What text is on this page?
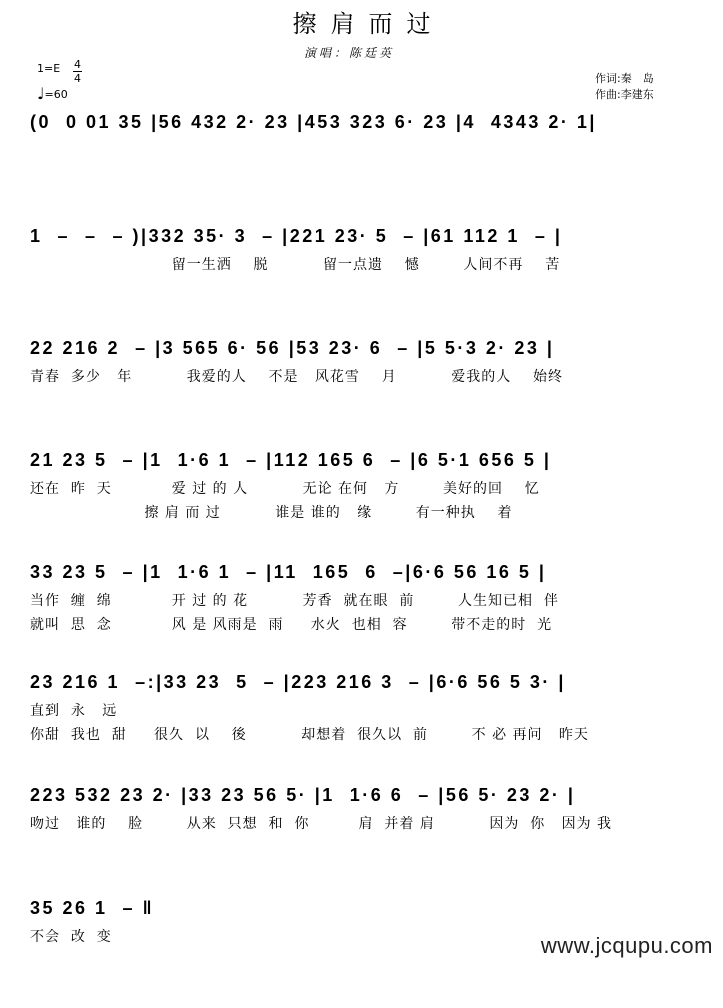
擦肩而过
演唱：陈廷英
1=E 4
4
♩=60
作词:秦　岛
作曲:李建东
(0  0 01 35 |56 432 2· 23 |453 323 6· 23 |4  4343 2· 1|
1  –  –  – )|332 35· 3  – |221 23· 5  – |61 112 1  – |
留一生洒    脱          留一点遗    憾        人间不再    苦
22 216 2  – |3 565 6· 56 |53 23· 6  – |5 5·3 2· 23 |
青春  多少   年          我爱的人    不是   风花雪    月          爱我的人    始终
21 23 5  – |1  1·6 1  – |112 165 6  – |6 5·1 656 5 |
还在  昨  天           爱 过 的 人          无论 在何   方        美好的回    忆
擦 肩 而 过          谁是 谁的   缘        有一种执    着
33 23 5  – |1  1·6 1  – |11  165  6  –|6·6 56 16 5 |
当作  缠  绵           开 过 的 花          芳香  就在眼  前        人生知已相  伴
就叫  思  念           风 是 风雨是  雨     水火  也相  容        带不走的时  光
23 216 1  –:|33 23  5  – |223 216 3  – |6·6 56 5 3· |
直到  永   远
你甜  我也  甜     很久  以    後          却想着  很久以  前        不 必 再问   昨天
223 532 23 2· |33 23 56 5· |1  1·6 6  – |56 5· 23 2· |
吻过   谁的    脸        从来  只想  和  你         肩  并着 肩          因为  你   因为 我
35 26 1  – ‖
不会  改  变	www.jcqupu.com
